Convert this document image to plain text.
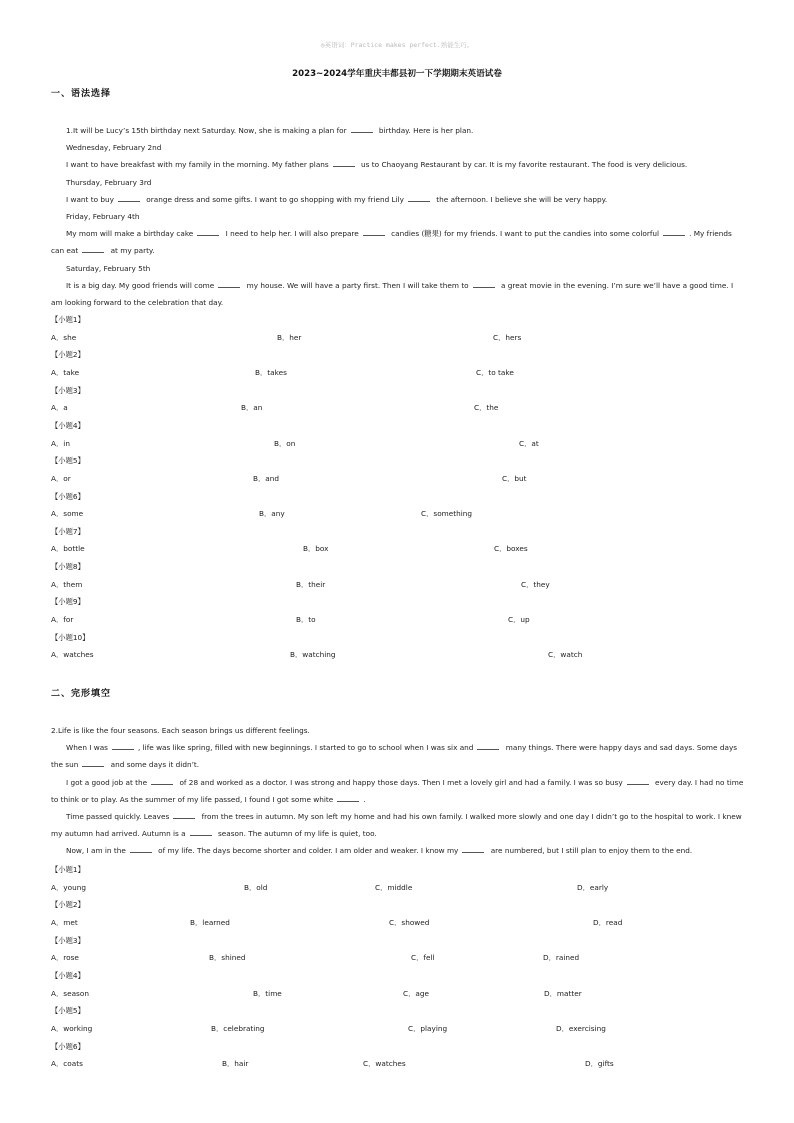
◎英语词：Practice makes perfect.熟能生巧。
2023~2024学年重庆丰都县初一下学期期末英语试卷
一、语法选择

1.It will be Lucy’s 15th birthday next Saturday. Now, she is making a plan for	birthday. Here is her plan.

Wednesday, February 2nd

I want to have breakfast with my family in the morning. My father plans	us to Chaoyang Restaurant by car. It is my favorite restaurant. The food is very delicious.

Thursday, February 3rd

I want to buy	orange dress and some gifts. I want to go shopping with my friend Lily	the afternoon. I believe she will be very happy.

Friday, February 4th

My mom will make a birthday cake	I need to help her. I will also prepare	candies (糖果) for my friends. I want to put the candies into some colorful	. My friends can eat	at my party.

Saturday, February 5th

It is a big day. My good friends will come	my house. We will have a party first. Then I will take them to	a great movie in the evening. I’m sure we’ll have a good time. I am looking forward to the celebration that day.

【小题1】
A．she	B．her	C．hers
【小题2】
A．take	B．takes	C．to take
【小题3】
A．a	B．an	C．the
【小题4】
A．in	B．on	C．at
【小题5】
A．or	B．and	C．but
【小题6】
A．some	B．any	C．something
【小题7】
A．bottle	B．box	C．boxes
【小题8】
A．them	B．their	C．they
【小题9】
A．for	B．to	C．up
【小题10】
A．watches	B．watching	C．watch
二、完形填空

2.Life is like the four seasons. Each season brings us different feelings.

When I was	, life was like spring, filled with new beginnings. I started to go to school when I was six and	many things. There were happy days and sad days. Some days the sun	and some days it didn’t.

I got a good job at the	of 28 and worked as a doctor. I was strong and happy those days. Then I met a lovely girl and had a family. I was so busy	every day. I had no time to think or to play. As the summer of my life passed, I found I got some white	.

Time passed quickly. Leaves	from the trees in autumn. My son left my home and had his own family. I walked more slowly and one day I didn’t go to the hospital to work. I knew my autumn had arrived. Autumn is a	season. The autumn of my life is quiet, too.

Now, I am in the	of my life. The days become shorter and colder. I am older and weaker. I know my	are numbered, but I still plan to enjoy them to the end.

【小题1】
A．young	B．old	C．middle	D．early
【小题2】
A．met	B．learned	C．showed	D．read
【小题3】
A．rose	B．shined	C．fell	D．rained
【小题4】
A．season	B．time	C．age	D．matter
【小题5】
A．working	B．celebrating	C．playing	D．exercising
【小题6】
A．coats	B．hair	C．watches	D．gifts
